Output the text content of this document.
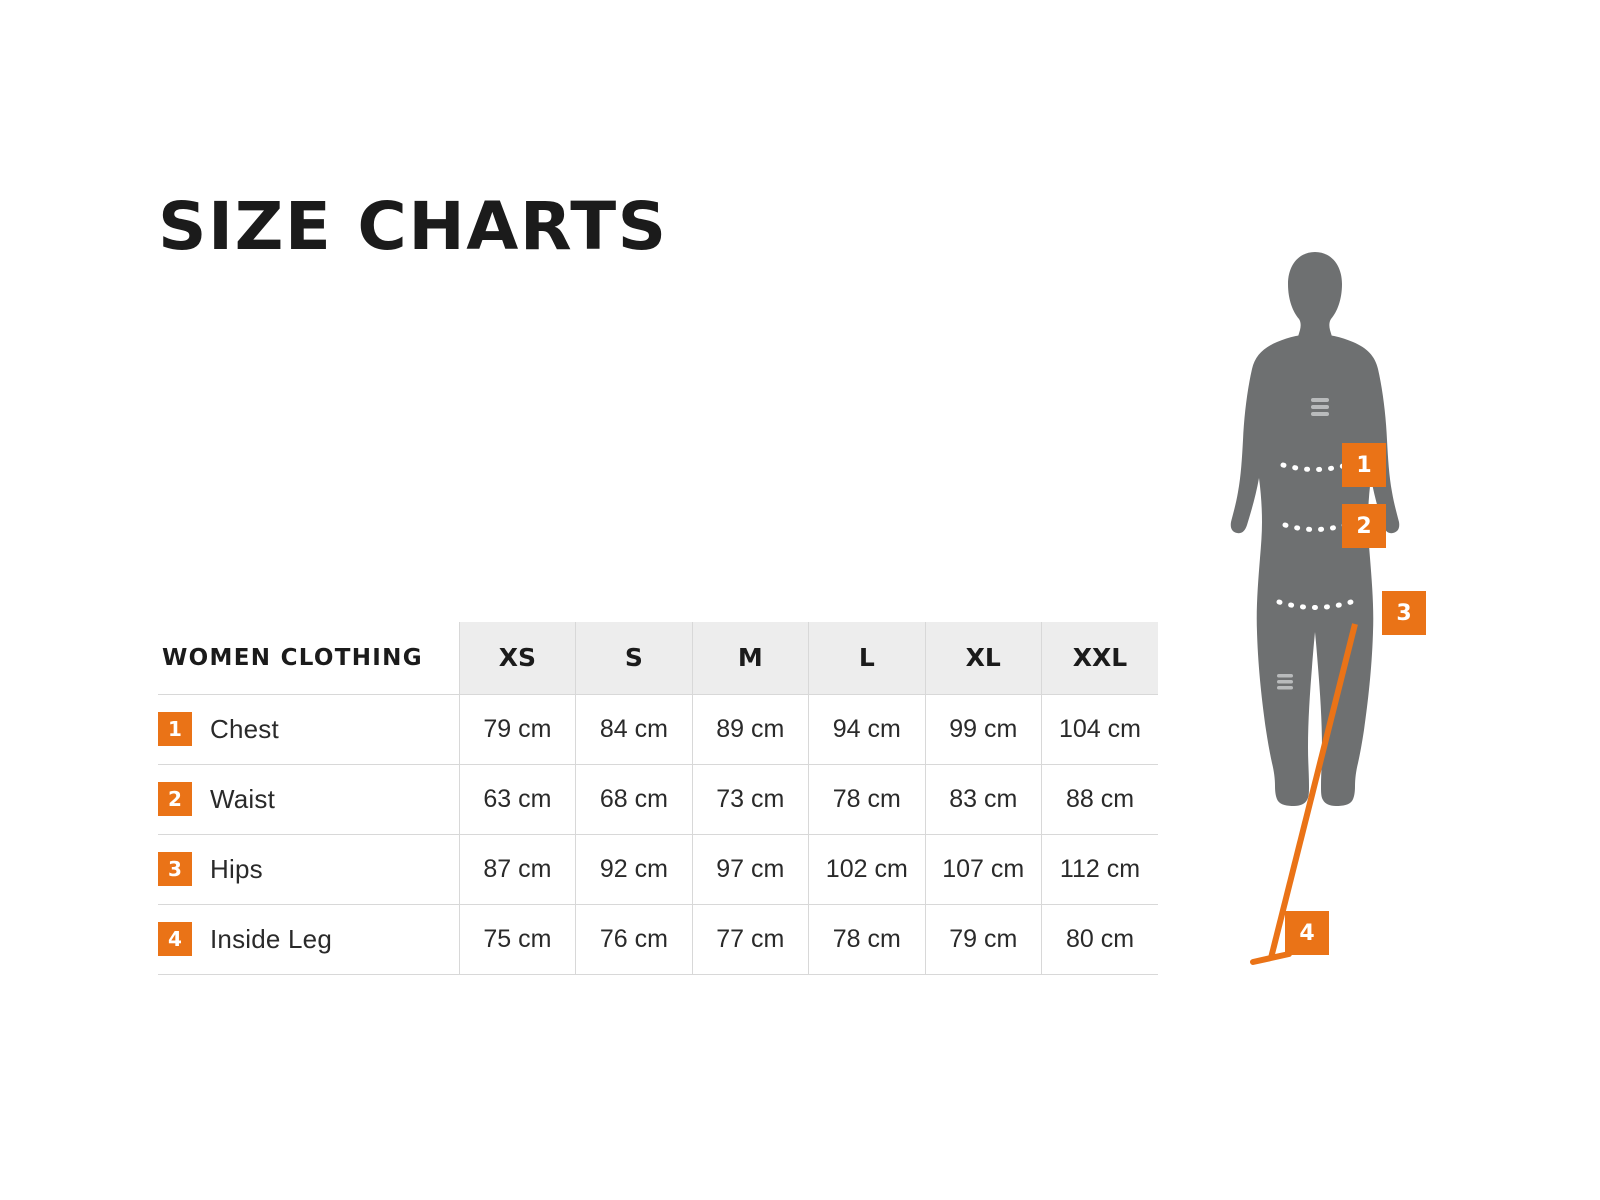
SIZE CHARTS
WOMEN CLOTHING	XS	S	M	L	XL	XXL

1 Chest	79 cm	84 cm	89 cm	94 cm	99 cm	104 cm

2 Waist	63 cm	68 cm	73 cm	78 cm	83 cm	88 cm

3 Hips	87 cm	92 cm	97 cm	102 cm	107 cm	112 cm

4 Inside Leg	75 cm	76 cm	77 cm	78 cm	79 cm	80 cm
1
2
3
4
